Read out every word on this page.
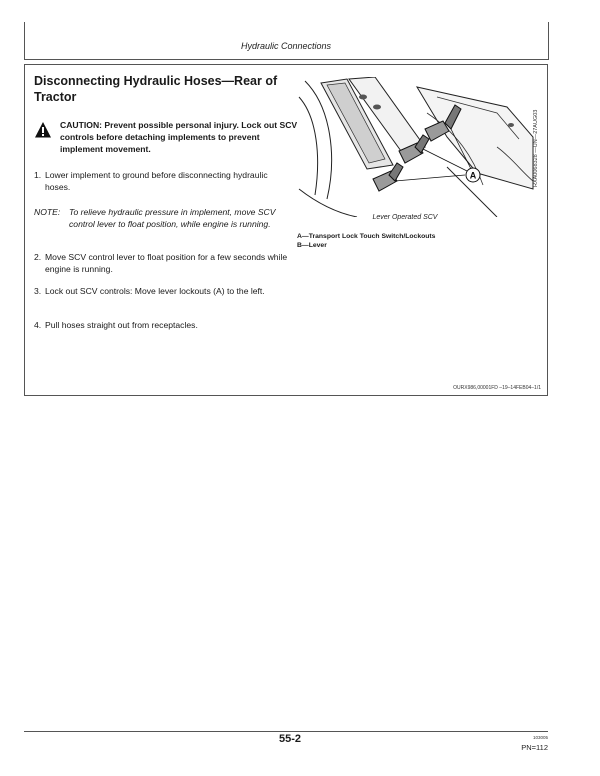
Hydraulic Connections
Disconnecting Hydraulic Hoses—Rear of Tractor
CAUTION: Prevent possible personal injury. Lock out SCV controls before detaching implements to prevent implement movement.
1. Lower implement to ground before disconnecting hydraulic hoses.
NOTE: To relieve hydraulic pressure in implement, move SCV control lever to float position, while engine is running.
2. Move SCV control lever to float position for a few seconds while engine is running.
3. Lock out SCV controls: Move lever lockouts (A) to the left.
4. Pull hoses straight out from receptacles.
A	RXA0068328 —UN—27AUG03
Lever Operated SCV
A—Transport Lock Touch Switch/Lockouts
B—Lever
OURX986,00001FD –19–14FEB04–1/1
55-2	103005
PN=112
